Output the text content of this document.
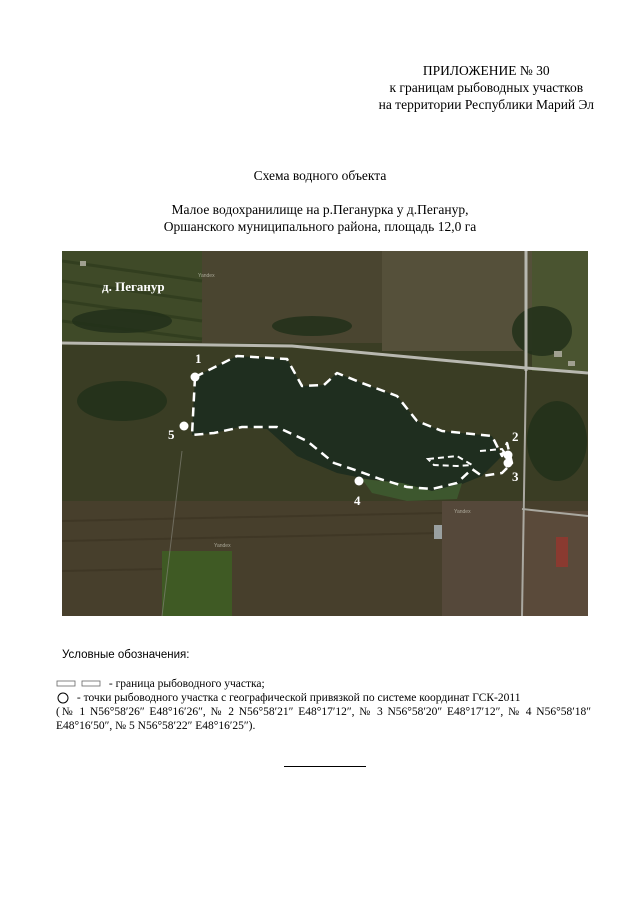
ПРИЛОЖЕНИЕ № 30
к границам рыбоводных участков
на территории Республики Марий Эл
Схема водного объекта
Малое водохранилище на р.Пеганурка у д.Пеганур,
Оршанского муниципального района, площадь 12,0 га
1
2
3
4
5
д. Пеганур
Yandex
Yandex
Yandex
Условные обозначения:
- граница рыбоводного участка;
- точки рыбоводного участка с географической привязкой по системе координат ГСК-2011
(№ 1 N56°58′26″ E48°16′26″, № 2 N56°58′21″ E48°17′12″, № 3 N56°58′20″ E48°17′12″, № 4 N56°58′18″ E48°16′50″, № 5 N56°58′22″ E48°16′25″).
